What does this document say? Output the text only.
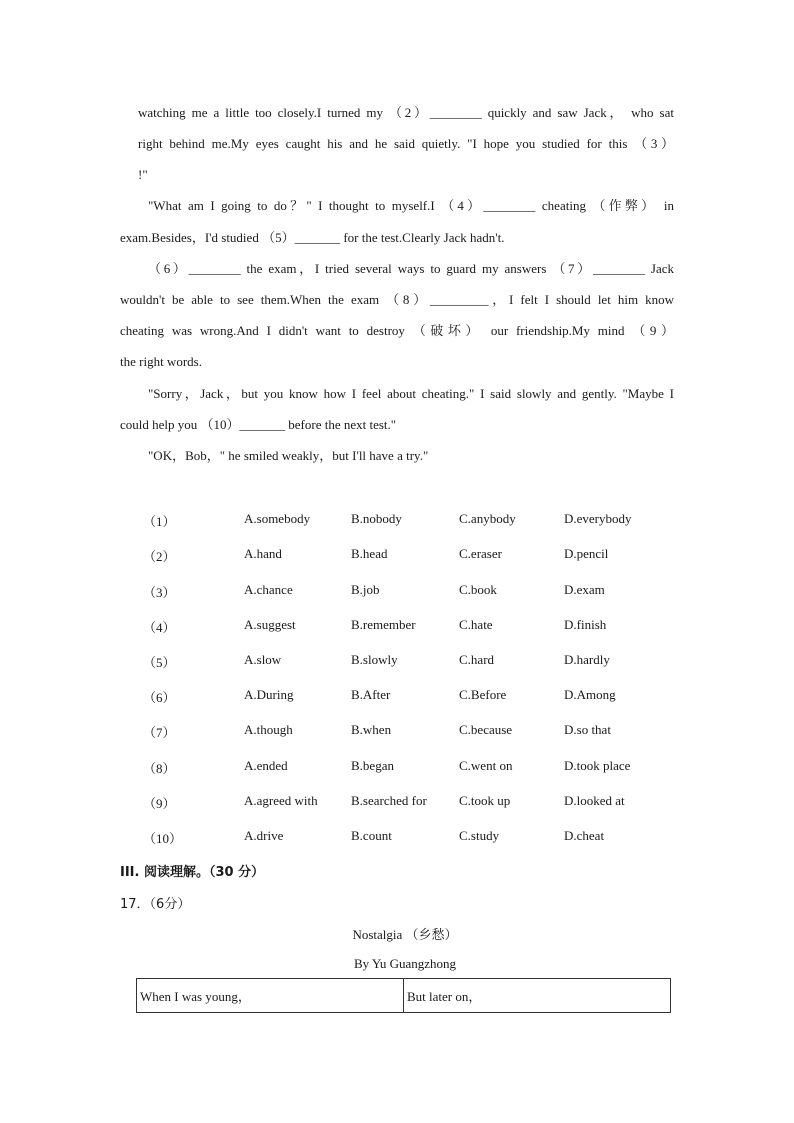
watching me a little too closely.I turned my （2）________ quickly and saw Jack， who sat
right behind me.My eyes caught his and he said quietly. "I hope you studied for this （3）
!"
"What am I going to do？" I thought to myself.I （4）________ cheating （作弊） in
exam.Besides，I'd studied （5）_______ for the test.Clearly Jack hadn't.
（6）________ the exam，I tried several ways to guard my answers （7）________ Jack
wouldn't be able to see them.When the exam （8）_________，I felt I should let him know
cheating was wrong.And I didn't want to destroy （破坏） our friendship.My mind （9）
the right words.
"Sorry，Jack，but you know how I feel about cheating." I said slowly and gently. "Maybe I
could help you （10）_______ before the next test."
"OK，Bob，" he smiled weakly，but I'll have a try."
（1）	A.somebody	B.nobody	C.anybody	D.everybody
（2）	A.hand	B.head	C.eraser	D.pencil
（3）	A.chance	B.job	C.book	D.exam
（4）	A.suggest	B.remember	C.hate	D.finish
（5）	A.slow	B.slowly	C.hard	D.hardly
（6）	A.During	B.After	C.Before	D.Among
（7）	A.though	B.when	C.because	D.so that
（8）	A.ended	B.began	C.went on	D.took place
（9）	A.agreed with	B.searched for C.took up	D.looked at
（10）	A.drive	B.count	C.study	D.cheat
III. 阅读理解。（30 分）
17．（6分）
Nostalgia （乡愁）
By Yu Guangzhong
When I was young，	But later on，
